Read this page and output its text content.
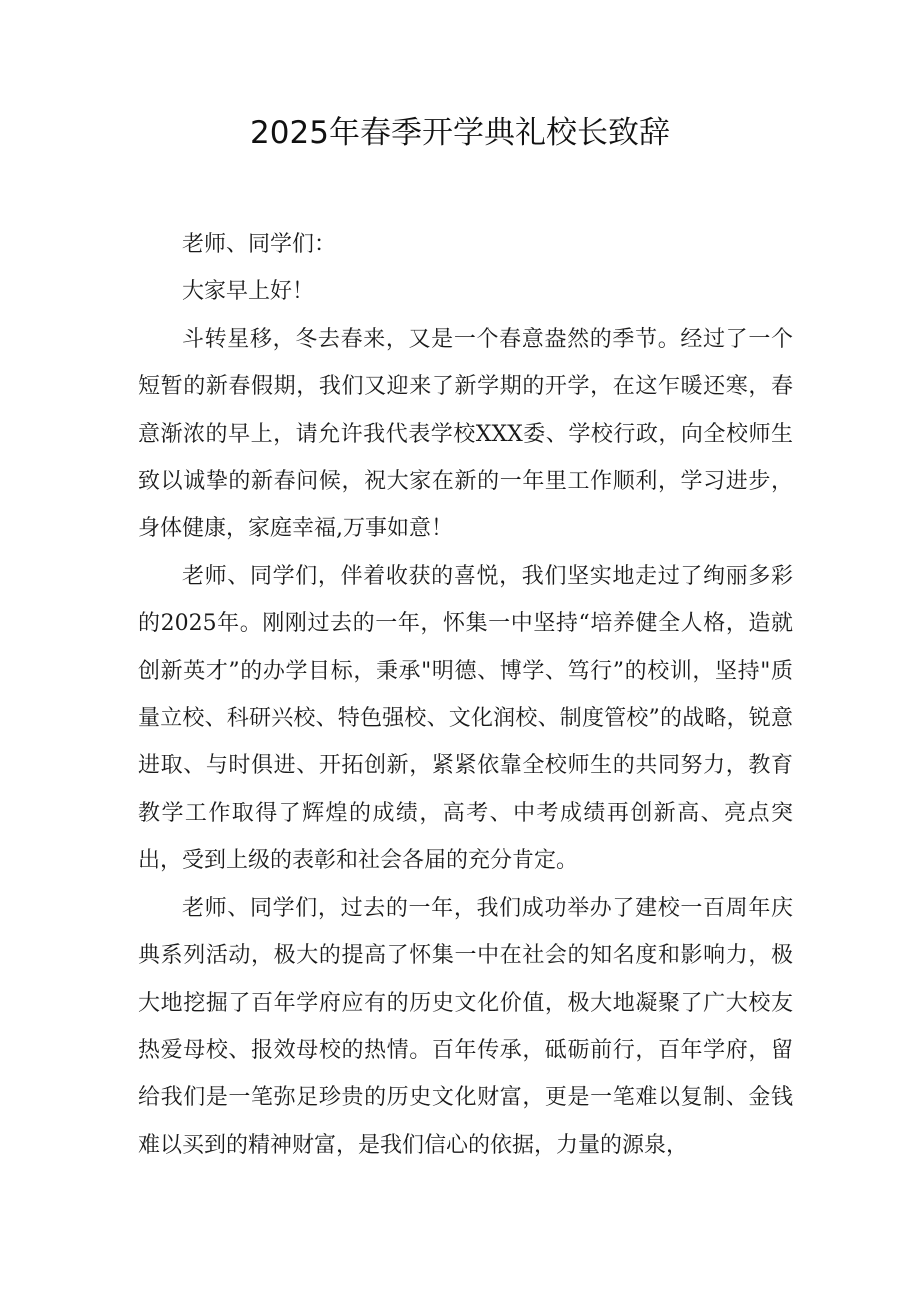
2025年春季开学典礼校长致辞

老师、同学们：

大家早上好！

斗转星移，冬去春来，又是一个春意盎然的季节。经过了一个短暂的新春假期，我们又迎来了新学期的开学，在这乍暖还寒，春意渐浓的早上，请允许我代表学校XXX委、学校行政，向全校师生致以诚挚的新春问候，祝大家在新的一年里工作顺利，学习进步，身体健康，家庭幸福,万事如意！

老师、同学们，伴着收获的喜悦，我们坚实地走过了绚丽多彩的2025年。刚刚过去的一年，怀集一中坚持“培养健全人格，造就创新英才”的办学目标，秉承"明德、博学、笃行”的校训，坚持"质量立校、科研兴校、特色强校、文化润校、制度管校”的战略，锐意进取、与时俱进、开拓创新，紧紧依靠全校师生的共同努力，教育教学工作取得了辉煌的成绩，高考、中考成绩再创新高、亮点突出，受到上级的表彰和社会各届的充分肯定。

老师、同学们，过去的一年，我们成功举办了建校一百周年庆典系列活动，极大的提高了怀集一中在社会的知名度和影响力，极大地挖掘了百年学府应有的历史文化价值，极大地凝聚了广大校友热爱母校、报效母校的热情。百年传承，砥砺前行，百年学府，留给我们是一笔弥足珍贵的历史文化财富，更是一笔难以复制、金钱难以买到的精神财富，是我们信心的依据，力量的源泉，
